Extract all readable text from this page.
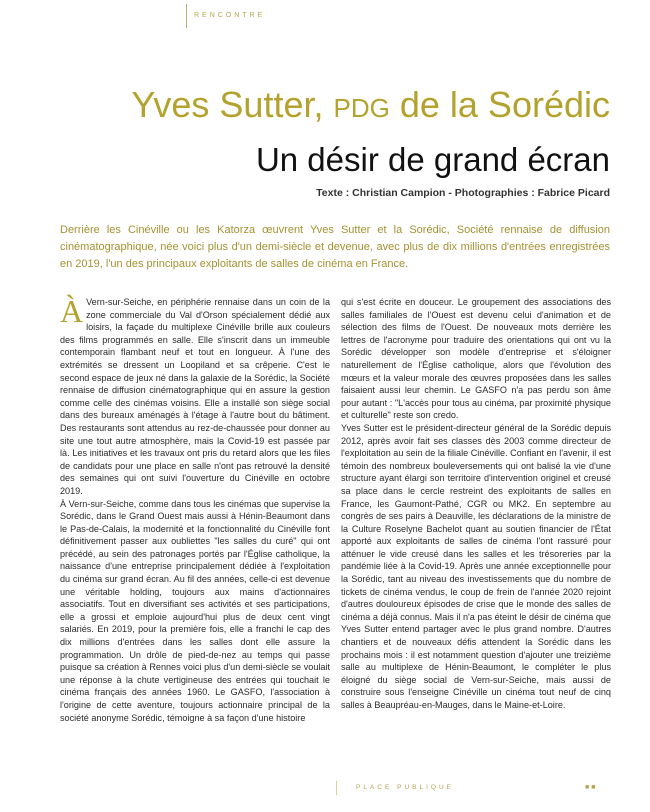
RENCONTRE
Yves Sutter, PDG de la Sorédic
Un désir de grand écran
Texte : Christian Campion - Photographies : Fabrice Picard

Derrière les Cinéville ou les Katorza œuvrent Yves Sutter et la Sorédic, Société rennaise de diffusion cinématographique, née voici plus d'un demi-siècle et devenue, avec plus de dix millions d'entrées enregistrées en 2019, l'un des principaux exploitants de salles de cinéma en France.

À Vern-sur-Seiche, en périphérie rennaise dans un coin de la zone commerciale du Val d'Orson spécialement dédié aux loisirs, la façade du multiplexe Cinéville brille aux couleurs des films programmés en salle. Elle s'inscrit dans un immeuble contemporain flambant neuf et tout en longueur. À l'une des extrémités se dressent un Loopiland et sa crêperie. C'est le second espace de jeux né dans la galaxie de la Sorédic, la Société rennaise de diffusion cinématographique qui en assure la gestion comme celle des cinémas voisins. Elle a installé son siège social dans des bureaux aménagés à l'étage à l'autre bout du bâtiment. Des restaurants sont attendus au rez-de-chaussée pour donner au site une tout autre atmosphère, mais la Covid-19 est passée par là. Les initiatives et les travaux ont pris du retard alors que les files de candidats pour une place en salle n'ont pas retrouvé la densité des semaines qui ont suivi l'ouverture du Cinéville en octobre 2019.

À Vern-sur-Seiche, comme dans tous les cinémas que supervise la Sorédic, dans le Grand Ouest mais aussi à Hénin-Beaumont dans le Pas-de-Calais, la modernité et la fonctionnalité du Cinéville font définitivement passer aux oubliettes "les salles du curé" qui ont précédé, au sein des patronages portés par l'Église catholique, la naissance d'une entreprise principalement dédiée à l'exploitation du cinéma sur grand écran. Au fil des années, celle-ci est devenue une véritable holding, toujours aux mains d'actionnaires associatifs. Tout en diversifiant ses activités et ses participations, elle a grossi et emploie aujourd'hui plus de deux cent vingt salariés. En 2019, pour la première fois, elle a franchi le cap des dix millions d'entrées dans les salles dont elle assure la programmation. Un drôle de pied-de-nez au temps qui passe puisque sa création à Rennes voici plus d'un demi-siècle se voulait une réponse à la chute vertigineuse des entrées qui touchait le cinéma français des années 1960. Le GASFO, l'association à l'origine de cette aventure, toujours actionnaire principal de la société anonyme Sorédic, témoigne à sa façon d'une histoire

qui s'est écrite en douceur. Le groupement des associations des salles familiales de l'Ouest est devenu celui d'animation et de sélection des films de l'Ouest. De nouveaux mots derrière les lettres de l'acronyme pour traduire des orientations qui ont vu la Sorédic développer son modèle d'entreprise et s'éloigner naturellement de l'Église catholique, alors que l'évolution des mœurs et la valeur morale des œuvres proposées dans les salles faisaient aussi leur chemin. Le GASFO n'a pas perdu son âme pour autant : "L'accès pour tous au cinéma, par proximité physique et culturelle" reste son credo.

Yves Sutter est le président-directeur général de la Sorédic depuis 2012, après avoir fait ses classes dès 2003 comme directeur de l'exploitation au sein de la filiale Cinéville. Confiant en l'avenir, il est témoin des nombreux bouleversements qui ont balisé la vie d'une structure ayant élargi son territoire d'intervention originel et creusé sa place dans le cercle restreint des exploitants de salles en France, les Gaumont-Pathé, CGR ou MK2. En septembre au congrès de ses pairs à Deauville, les déclarations de la ministre de la Culture Roselyne Bachelot quant au soutien financier de l'État apporté aux exploitants de salles de cinéma l'ont rassuré pour atténuer le vide creusé dans les salles et les trésoreries par la pandémie liée à la Covid-19. Après une année exceptionnelle pour la Sorédic, tant au niveau des investissements que du nombre de tickets de cinéma vendus, le coup de frein de l'année 2020 rejoint d'autres douloureux épisodes de crise que le monde des salles de cinéma a déjà connus. Mais il n'a pas éteint le désir de cinéma que Yves Sutter entend partager avec le plus grand nombre. D'autres chantiers et de nouveaux défis attendent la Sorédic dans les prochains mois : il est notamment question d'ajouter une treizième salle au multiplexe de Hénin-Beaumont, le compléter le plus éloigné du siège social de Vern-sur-Seiche, mais aussi de construire sous l'enseigne Cinéville un cinéma tout neuf de cinq salles à Beaupréau-en-Mauges, dans le Maine-et-Loire.

PLACE PUBLIQUE	■■
